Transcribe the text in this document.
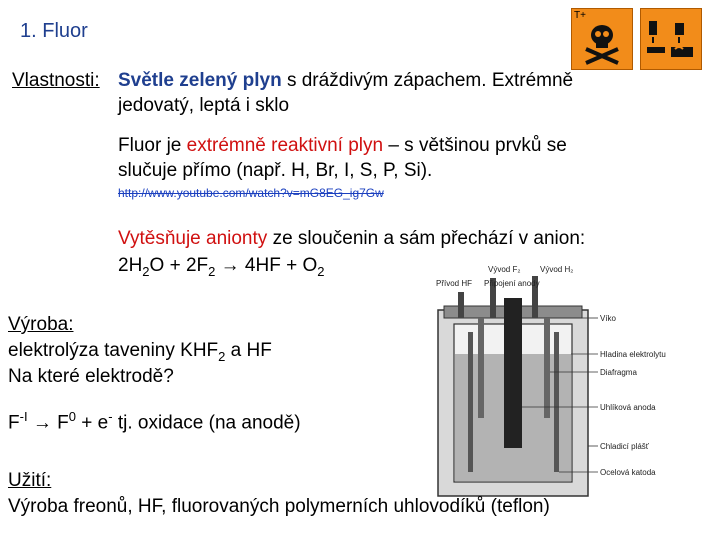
1. Fluor
T+
Vlastnosti: Světle zelený plyn s dráždivým zápachem. Extrémně
jedovatý, leptá i sklo
Fluor je extrémně reaktivní plyn – s většinou prvků se
slučuje přímo (např. H, Br, I, S, P, Si).
http://www.youtube.com/watch?v=mG8EG_ig7Gw
Vytěsňuje anionty ze sloučenin a sám přechází v anion:
$2H_2O + 2F_2 \to 4HF + O_2$	Vývod F₂ Vývod H₂
Přívod HF Připojení anody
Víko
Hladina elektrolytu
Diafragma
Uhlíková anoda
Chladicí plášť
Ocelová katoda
Výroba:
elektrolýza taveniny $KHF_2$ a HF
Na které elektrodě?
$F^{-I} \to F^0 + e^-$ tj. oxidace (na anodě)
Užití:
Výroba freonů, HF, fluorovaných polymerních uhlovodíků (teflon)
